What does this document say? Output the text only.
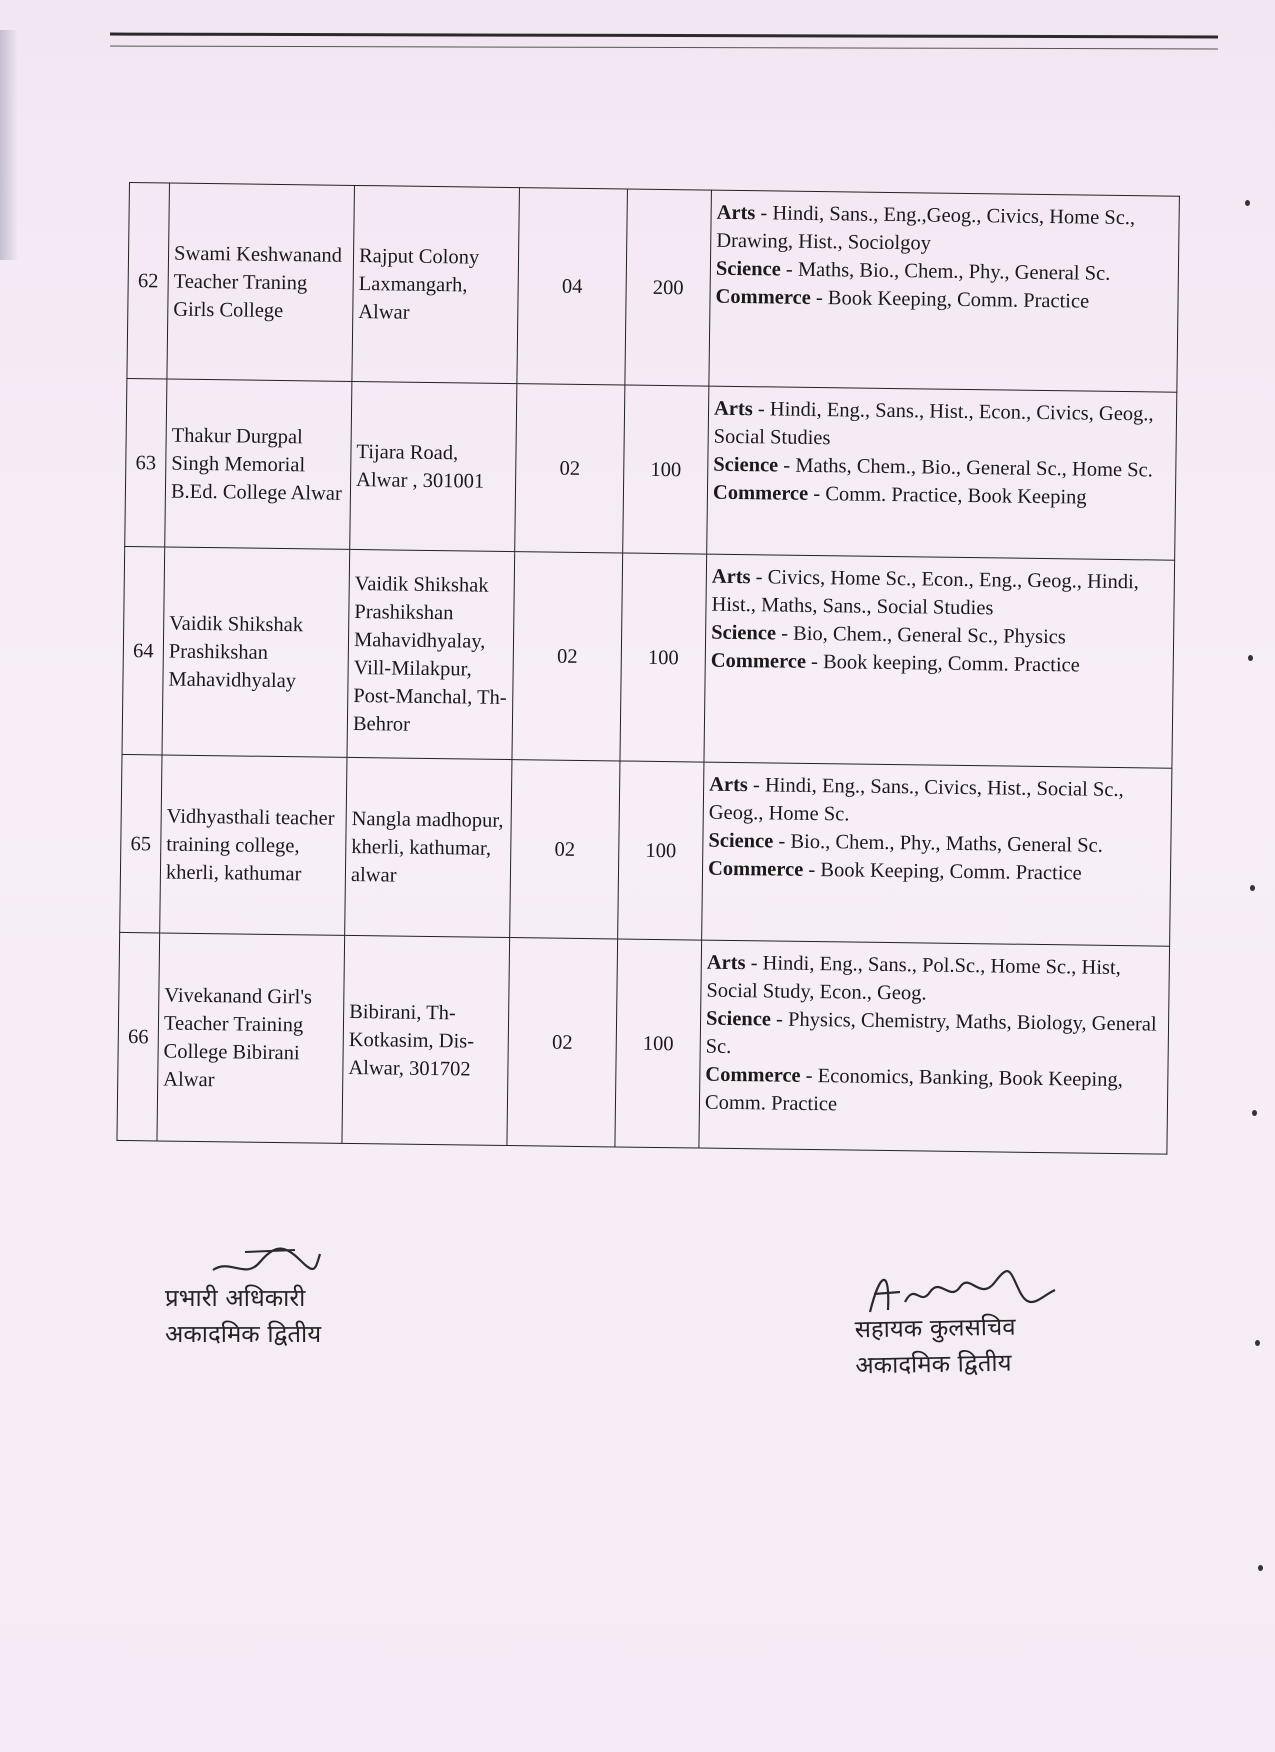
62	Swami Keshwanand Teacher Traning Girls College	Rajput Colony Laxmangarh, Alwar	04	200	Arts - Hindi, Sans., Eng.,Geog., Civics, Home Sc., Drawing, Hist., Sociolgoy
Science - Maths, Bio., Chem., Phy., General Sc.
Commerce - Book Keeping, Comm. Practice

63	Thakur Durgpal Singh Memorial B.Ed. College Alwar	Tijara Road, Alwar , 301001	02	100	Arts - Hindi, Eng., Sans., Hist., Econ., Civics, Geog., Social Studies
Science - Maths, Chem., Bio., General Sc., Home Sc.
Commerce - Comm. Practice, Book Keeping

64	Vaidik Shikshak Prashikshan Mahavidhyalay	Vaidik Shikshak Prashikshan Mahavidhyalay, Vill-Milakpur, Post-Manchal, Th-Behror	02	100	Arts - Civics, Home Sc., Econ., Eng., Geog., Hindi, Hist., Maths, Sans., Social Studies
Science - Bio, Chem., General Sc., Physics
Commerce - Book keeping, Comm. Practice

65	Vidhyasthali teacher training college, kherli, kathumar	Nangla madhopur, kherli, kathumar, alwar	02	100	Arts - Hindi, Eng., Sans., Civics, Hist., Social Sc., Geog., Home Sc.
Science - Bio., Chem., Phy., Maths, General Sc.
Commerce - Book Keeping, Comm. Practice

66	Vivekanand Girl's Teacher Training College Bibirani Alwar	Bibirani, Th-Kotkasim, Dis-Alwar, 301702	02	100	Arts - Hindi, Eng., Sans., Pol.Sc., Home Sc., Hist, Social Study, Econ., Geog.
Science - Physics, Chemistry, Maths, Biology, General Sc.
Commerce - Economics, Banking, Book Keeping, Comm. Practice
प्रभारी अधिकारी
अकादमिक द्वितीय	सहायक कुलसचिव
अकादमिक द्वितीय
